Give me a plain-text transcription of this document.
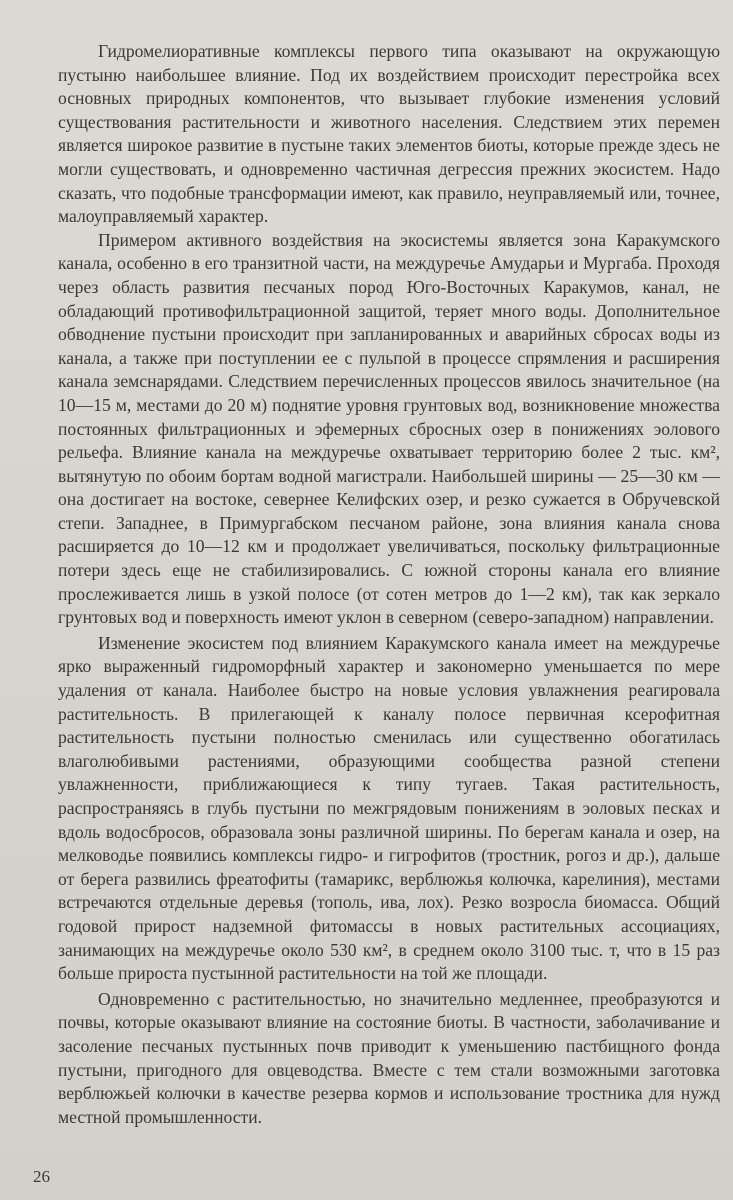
Гидромелиоративные комплексы первого типа оказывают на окружающую пустыню наибольшее влияние. Под их воздействием происходит перестройка всех основных природных компонентов, что вызывает глубокие изменения условий существования растительности и животного населения. Следствием этих перемен является широкое развитие в пустыне таких элементов биоты, которые прежде здесь не могли существовать, и одновременно частичная дегрессия прежних экосистем. Надо сказать, что подобные трансформации имеют, как правило, неуправляемый или, точнее, малоуправляемый характер.

Примером активного воздействия на экосистемы является зона Каракумского канала, особенно в его транзитной части, на междуречье Амударьи и Мургаба. Проходя через область развития песчаных пород Юго-Восточных Каракумов, канал, не обладающий противофильтрационной защитой, теряет много воды. Дополнительное обводнение пустыни происходит при запланированных и аварийных сбросах воды из канала, а также при поступлении ее с пульпой в процессе спрямления и расширения канала земснарядами. Следствием перечисленных процессов явилось значительное (на 10—15 м, местами до 20 м) поднятие уровня грунтовых вод, возникновение множества постоянных фильтрационных и эфемерных сбросных озер в понижениях эолового рельефа. Влияние канала на междуречье охватывает территорию более 2 тыс. км², вытянутую по обоим бортам водной магистрали. Наибольшей ширины — 25—30 км — она достигает на востоке, севернее Келифских озер, и резко сужается в Обручевской степи. Западнее, в Примургабском песчаном районе, зона влияния канала снова расширяется до 10—12 км и продолжает увеличиваться, поскольку фильтрационные потери здесь еще не стабилизировались. С южной стороны канала его влияние прослеживается лишь в узкой полосе (от сотен метров до 1—2 км), так как зеркало грунтовых вод и поверхность имеют уклон в северном (северо-западном) направлении.

Изменение экосистем под влиянием Каракумского канала имеет на междуречье ярко выраженный гидроморфный характер и закономерно уменьшается по мере удаления от канала. Наиболее быстро на новые условия увлажнения реагировала растительность. В прилегающей к каналу полосе первичная ксерофитная растительность пустыни полностью сменилась или существенно обогатилась влаголюбивыми растениями, образующими сообщества разной степени увлажненности, приближающиеся к типу тугаев. Такая растительность, распространяясь в глубь пустыни по межгрядовым понижениям в эоловых песках и вдоль водосбросов, образовала зоны различной ширины. По берегам канала и озер, на мелководье появились комплексы гидро- и гигрофитов (тростник, рогоз и др.), дальше от берега развились фреатофиты (тамарикс, верблюжья колючка, карелиния), местами встречаются отдельные деревья (тополь, ива, лох). Резко возросла биомасса. Общий годовой прирост надземной фитомассы в новых растительных ассоциациях, занимающих на междуречье около 530 км², в среднем около 3100 тыс. т, что в 15 раз больше прироста пустынной растительности на той же площади.

Одновременно с растительностью, но значительно медленнее, преобразуются и почвы, которые оказывают влияние на состояние биоты. В частности, заболачивание и засоление песчаных пустынных почв приводит к уменьшению пастбищного фонда пустыни, пригодного для овцеводства. Вместе с тем стали возможными заготовка верблюжьей колючки в качестве резерва кормов и использование тростника для нужд местной промышленности.

26
